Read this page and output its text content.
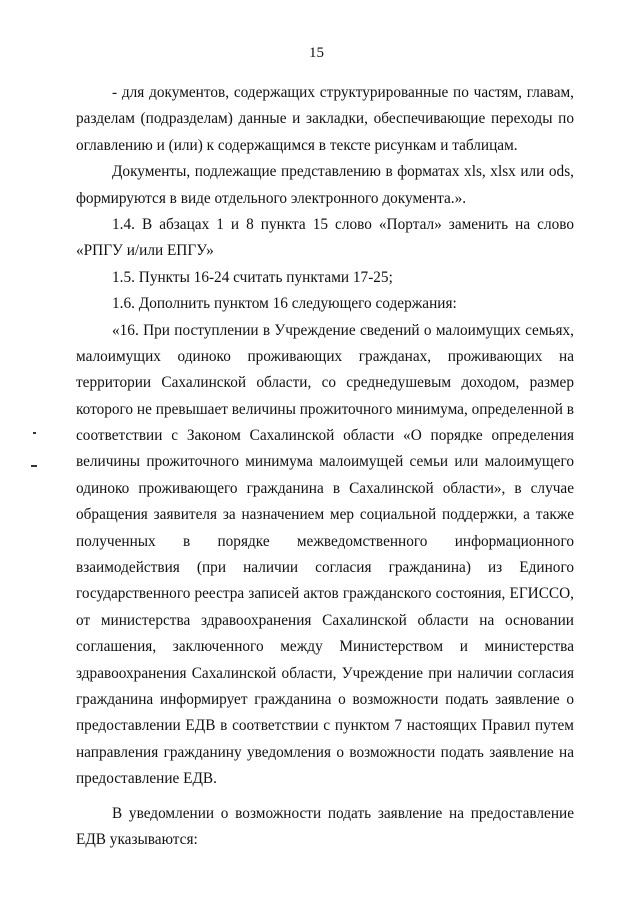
15
- для документов, содержащих структурированные по частям, главам,
разделам (подразделам) данные и закладки, обеспечивающие переходы по
оглавлению и (или) к содержащимся в тексте рисункам и таблицам.
Документы, подлежащие представлению в форматах xls, xlsx или ods,
формируются в виде отдельного электронного документа.».
1.4. В абзацах 1 и 8 пункта 15 слово «Портал» заменить на слово
«РПГУ и/или ЕПГУ»
1.5. Пункты 16-24 считать пунктами 17-25;
1.6. Дополнить пунктом 16 следующего содержания:
«16. При поступлении в Учреждение сведений о малоимущих семьях,
малоимущих одиноко проживающих гражданах, проживающих на
территории Сахалинской области, со среднедушевым доходом, размер
которого не превышает величины прожиточного минимума, определенной в
соответствии с Законом Сахалинской области «О порядке определения
величины прожиточного минимума малоимущей семьи или малоимущего
одиноко проживающего гражданина в Сахалинской области», в случае
обращения заявителя за назначением мер социальной поддержки, а также
полученных в порядке межведомственного информационного
взаимодействия (при наличии согласия гражданина) из Единого
государственного реестра записей актов гражданского состояния, ЕГИССО,
от министерства здравоохранения Сахалинской области на основании
соглашения, заключенного между Министерством и министерства
здравоохранения Сахалинской области, Учреждение при наличии согласия
гражданина информирует гражданина о возможности подать заявление о
предоставлении ЕДВ в соответствии с пунктом 7 настоящих Правил путем
направления гражданину уведомления о возможности подать заявление на
предоставление ЕДВ.
В уведомлении о возможности подать заявление на предоставление
ЕДВ указываются:
